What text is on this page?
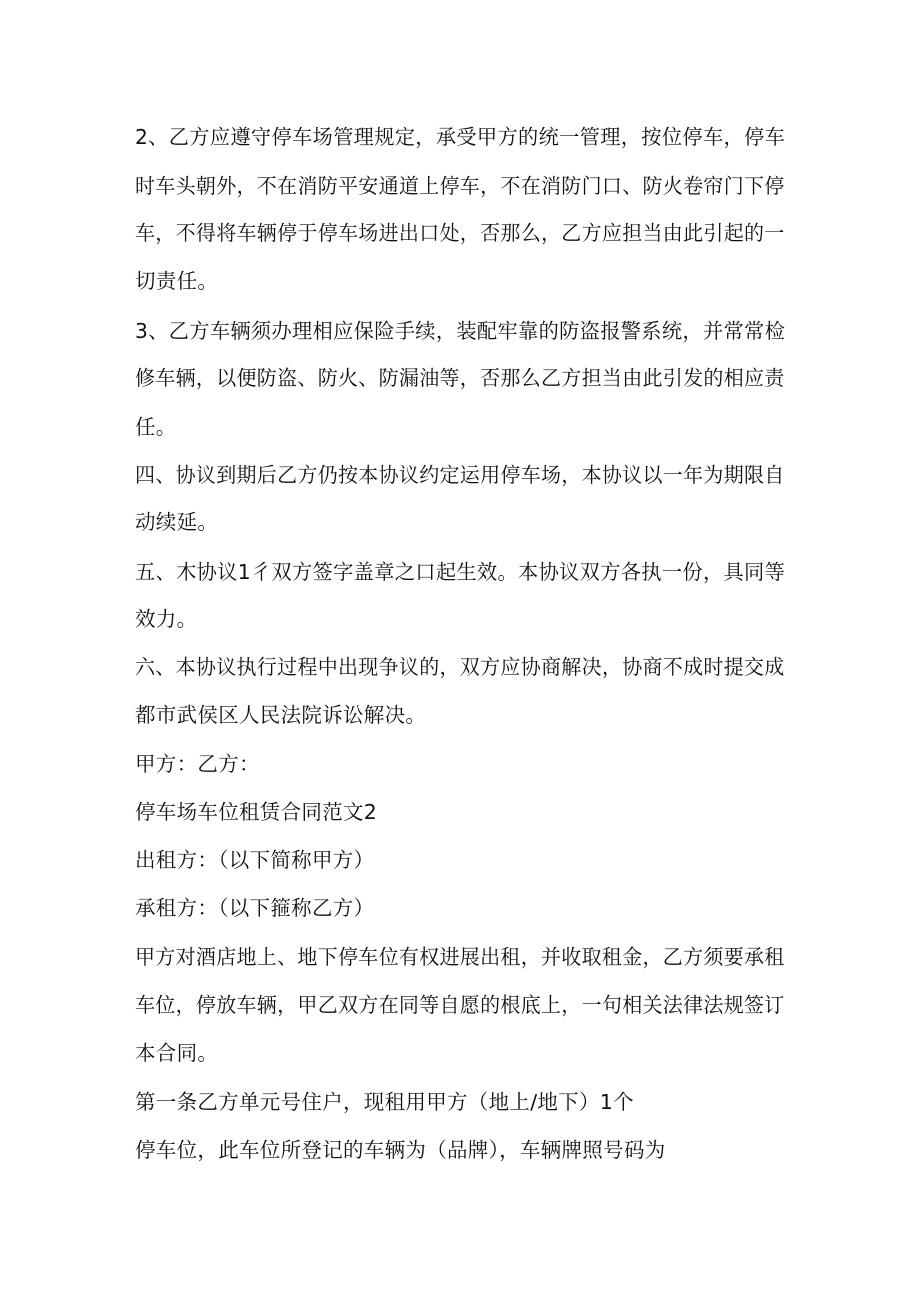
2、乙方应遵守停车场管理规定，承受甲方的统一管理，按位停车，停车

时车头朝外，不在消防平安通道上停车，不在消防门口、防火卷帘门下停

车，不得将车辆停于停车场进出口处，否那么，乙方应担当由此引起的一

切责任。

3、乙方车辆须办理相应保险手续，装配牢靠的防盗报警系统，并常常检

修车辆，以便防盗、防火、防漏油等，否那么乙方担当由此引发的相应责

任。

四、协议到期后乙方仍按本协议约定运用停车场，本协议以一年为期限自

动续延。

五、木协议1彳双方签字盖章之口起生效。本协议双方各执一份，具同等

效力。

六、本协议执行过程中出现争议的，双方应协商解决，协商不成时提交成

都市武侯区人民法院诉讼解决。

甲方：乙方：

停车场车位租赁合同范文2

出租方：（以下简称甲方）

承租方：（以下箍称乙方）

甲方对酒店地上、地下停车位有权进展出租，并收取租金，乙方须要承租

车位，停放车辆，甲乙双方在同等自愿的根底上，一句相关法律法规签订

本合同。

第一条乙方单元号住户，现租用甲方（地上/地下）1个

停车位，此车位所登记的车辆为（品牌），车辆牌照号码为
